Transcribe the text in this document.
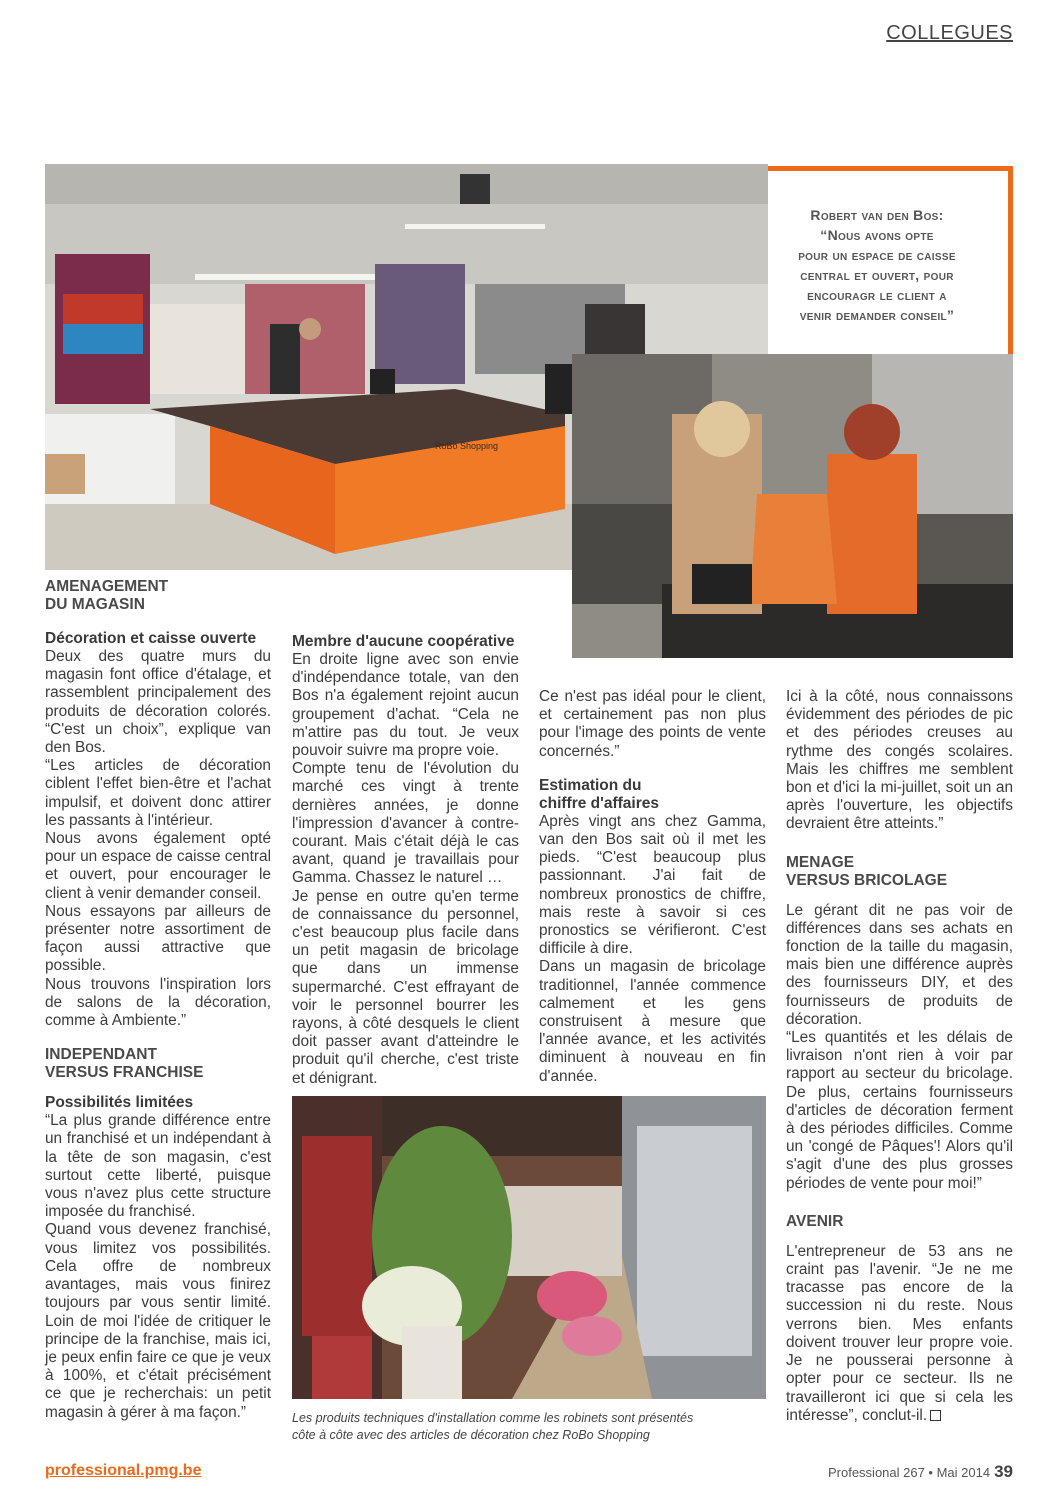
COLLEGUES
RoBo Shopping
Robert van den Bos:
“Nous avons opte
pour un espace de caisse
central et ouvert, pour
encouragr le client a
venir demander conseil”
AMENAGEMENT
DU MAGASIN
Décoration et caisse ouverte

Deux des quatre murs du magasin font office d'étalage, et rassemblent principalement des produits de décoration colorés. “C'est un choix”, explique van den Bos.

“Les articles de décoration ciblent l'effet bien-être et l'achat impulsif, et doivent donc attirer les passants à l'intérieur.

Nous avons également opté pour un espace de caisse central et ouvert, pour encourager le client à venir demander conseil.

Nous essayons par ailleurs de présenter notre assortiment de façon aussi attractive que possible.

Nous trouvons l'inspiration lors de salons de la décoration, comme à Ambiente.”

INDEPENDANT
VERSUS FRANCHISE
Possibilités limitées

“La plus grande différence entre un franchisé et un indépendant à la tête de son magasin, c'est surtout cette liberté, puisque vous n'avez plus cette structure imposée du franchisé.

Quand vous devenez franchisé, vous limitez vos possibilités. Cela offre de nombreux avantages, mais vous finirez toujours par vous sentir limité. Loin de moi l'idée de critiquer le principe de la franchise, mais ici, je peux enfin faire ce que je veux à 100%, et c'était précisément ce que je recherchais: un petit magasin à gérer à ma façon.”

Membre d'aucune coopérative

En droite ligne avec son envie d'indépendance totale, van den Bos n'a également rejoint aucun groupement d'achat. “Cela ne m'attire pas du tout. Je veux pouvoir suivre ma propre voie.

Compte tenu de l'évolution du marché ces vingt à trente dernières années, je donne l'impression d'avancer à contre-courant. Mais c'était déjà le cas avant, quand je travaillais pour Gamma. Chassez le naturel …

Je pense en outre qu'en terme de connaissance du personnel, c'est beaucoup plus facile dans un petit magasin de bricolage que dans un immense supermarché. C'est effrayant de voir le personnel bourrer les rayons, à côté desquels le client doit passer avant d'atteindre le produit qu'il cherche, c'est triste et dénigrant.

Ce n'est pas idéal pour le client, et certainement pas non plus pour l'image des points de vente concernés.”

Estimation du
chiffre d'affaires

Après vingt ans chez Gamma, van den Bos sait où il met les pieds. “C'est beaucoup plus passionnant. J'ai fait de nombreux pronostics de chiffre, mais reste à savoir si ces pronostics se vérifieront. C'est difficile à dire.

Dans un magasin de bricolage traditionnel, l'année commence calmement et les gens construisent à mesure que l'année avance, et les activités diminuent à nouveau en fin d'année.

Ici à la côté, nous connaissons évidemment des périodes de pic et des périodes creuses au rythme des congés scolaires. Mais les chiffres me semblent bon et d'ici la mi-juillet, soit un an après l'ouverture, les objectifs devraient être atteints.”

MENAGE
VERSUS BRICOLAGE

Le gérant dit ne pas voir de différences dans ses achats en fonction de la taille du magasin, mais bien une différence auprès des fournisseurs DIY, et des fournisseurs de produits de décoration.

“Les quantités et les délais de livraison n'ont rien à voir par rapport au secteur du bricolage. De plus, certains fournisseurs d'articles de décoration ferment à des périodes difficiles. Comme un 'congé de Pâques'! Alors qu'il s'agit d'une des plus grosses périodes de vente pour moi!”

AVENIR

L'entrepreneur de 53 ans ne craint pas l'avenir. “Je ne me tracasse pas encore de la succession ni du reste. Nous verrons bien. Mes enfants doivent trouver leur propre voie. Je ne pousserai personne à opter pour ce secteur. Ils ne travailleront ici que si cela les intéresse”, conclut-il.

Les produits techniques d'installation comme les robinets sont présentés
côte à côte avec des articles de décoration chez RoBo Shopping
professional.pmg.be	Professional 267 • Mai 2014 39
